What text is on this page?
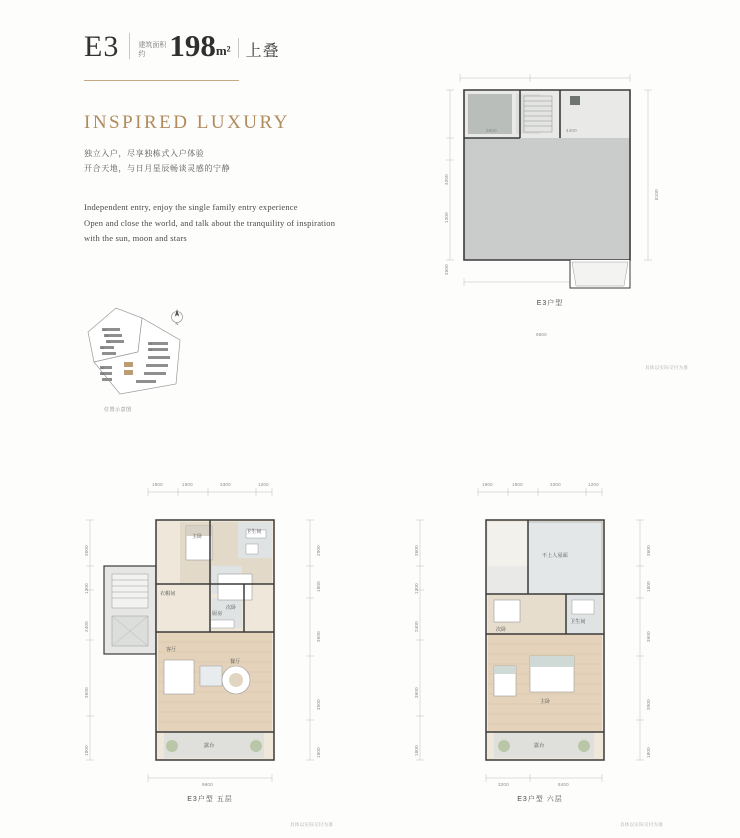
E3	建筑面积
约 198 m² 上叠
INSPIRED LUXURY
独立入户，尽享独栋式入户体验
开合天地，与日月星辰畅谈灵感的宁静
Independent entry, enjoy the single family entry experience
Open and close the world, and talk about the tranquility of inspiration
with the sun, moon and stars
1#
2#
3#
4#
5#
6#
7#
8#
位置示意图
N
3800	4400
3200
1300
3600
8100
9600
E3户型
具体以实际交付为准
1900	1900	3300	1200
3600
1300
2400
3600
1800
2900
1800
3600
3500
1800
9600
主卧
卫生间
衣帽间
次卧
客厅
餐厅
厨房
露台
E3户型 五层
具体以实际交付为准
1900	1900	3300	1200
3600
1300
2400
3600
1800
3600
1800
3600
3000
1800
3200	8400
不上人屋面
卫生间
次卧
主卧
露台
E3户型 六层
具体以实际交付为准
